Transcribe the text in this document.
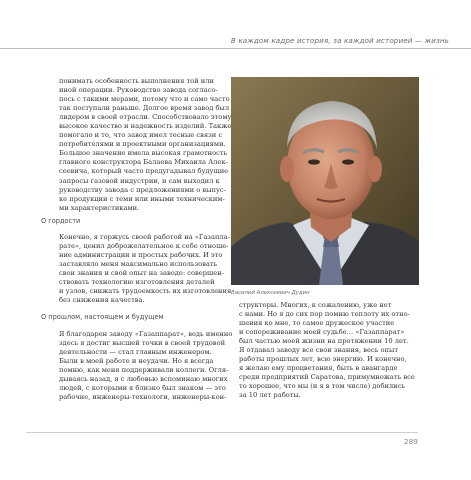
В каждом кадре история, за каждой историей — жизнь
понимать особенность выполнения той или
иной операции. Руководство завода согласо-
пось с такими мерами, потому что и само часто
так поступали раньше. Долгое время завод был
лидером в своей отрасли. Способствовало этому
высокое качество и надежность изделий. Также
помогало и то, что завод имел тесные связи с
потребителями и проектными организациями.
Большое значение имела высокая грамотность
главного конструктора Балаева Михаила Алек-
сеевича, который часто предугадывал будущие
запросы газовой индустрии, и сам выходил к
руководству завода с предложениями о выпус-
ке продукции с теми или иными техническим-
ми характеристиками.
О гордости
Конечно, я горжусь своей работой на «Газапла-
рате», ценил доброжелательное к себе отноше-
ние администрации и простых рабочих. И это
заставляло меня максимально использовать
свои знания и свой опыт на заводе: совершен-
ствовать технологию изготовления деталей
и узлов, снижать трудоемкость их изготовления
без снижения качества.
О прошлом, настоящем и будущем
Я благодарен заводу «Газаппарат», ведь именно
здесь я достиг высшей точки в своей трудовой
деятельности — стал главным инженером.
Были в моей работе и неудачи. Но я всегда
помню, как меня поддерживали коллеги. Огля-
дываясь назад, я с любовью вспоминаю многих
людей, с которыми я близко был знаком — это
рабочие, инженеры-технологи, инженеры-кон-
Василий Алексеевич Дудин
структоры. Многих, к сожалению, уже нет
с нами. Но я до сих пор помню теплоту их отно-
шения ко мне, то самое дружеское участие
и сопереживание моей судьбе… «Газаппарат»
был частью моей жизни на протяжении 10 лет.
Я отдавал заводу все свои знания, весь опыт
работы прошлых лет, всю энергию. И конечно,
я желаю ему процветания, быть в авангарде
среди предприятий Саратова, примумножать все
то хорошее, что мы (и я в том числе) добились
за 10 лет работы.
289
